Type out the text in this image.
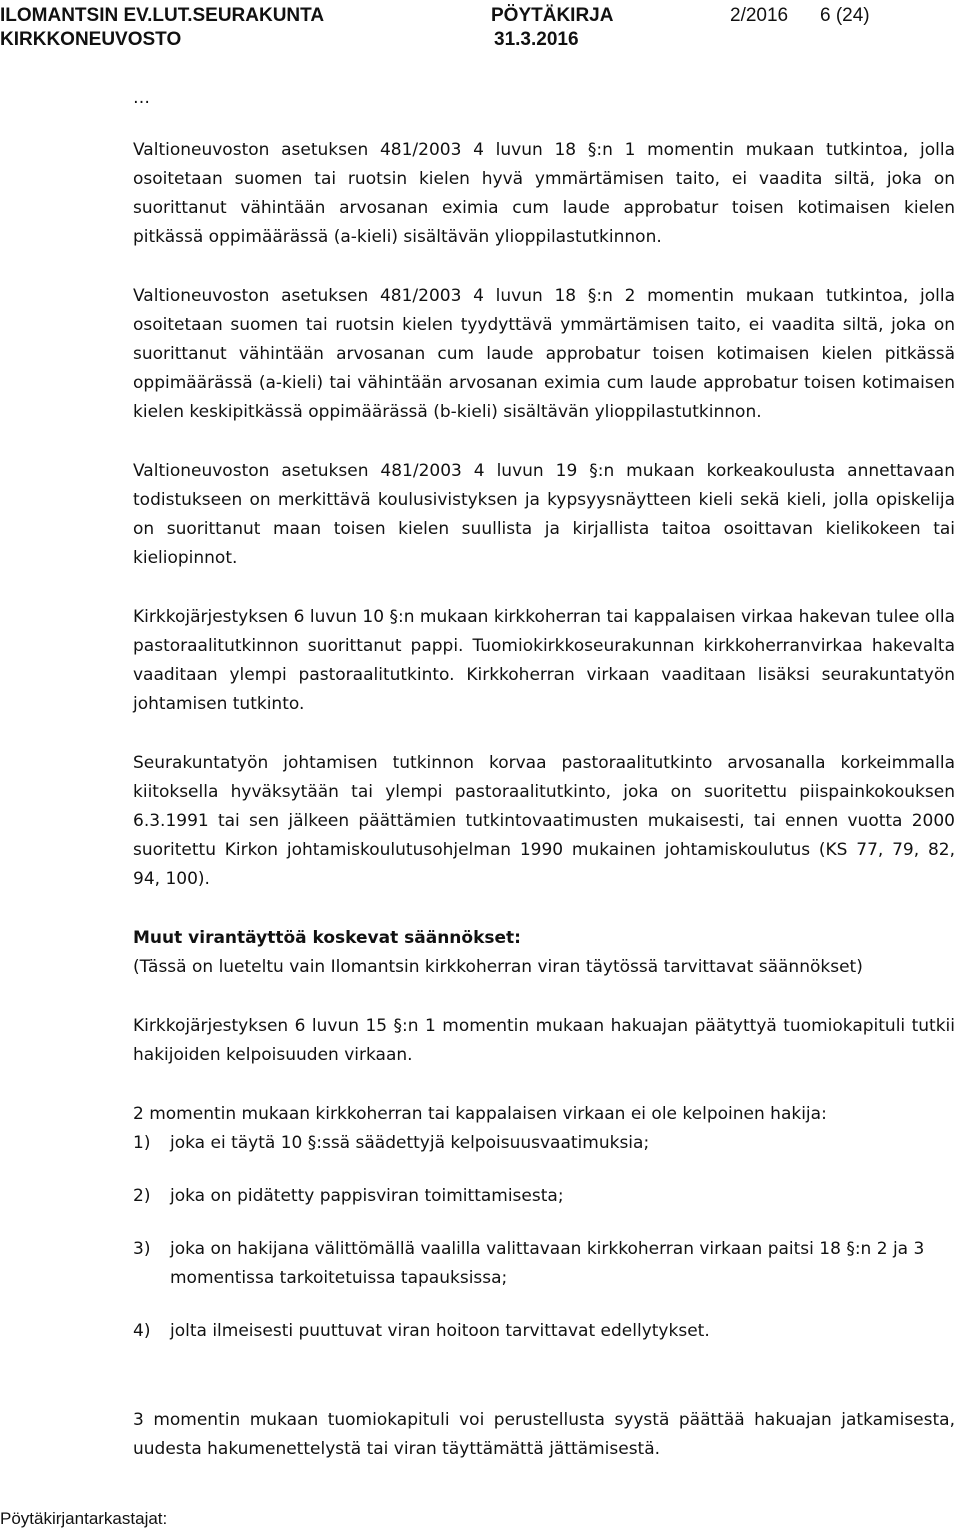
ILOMANTSIN EV.LUT.SEURAKUNTA
KIRKKONEUVOSTO
PÖYTÄKIRJA
31.3.2016
2/2016 6 (24)

…

Valtioneuvoston asetuksen 481/2003 4 luvun 18 §:n 1 momentin mukaan tutkintoa, jolla osoitetaan suomen tai ruotsin kielen hyvä ymmärtämisen taito, ei vaadita siltä, joka on suorittanut vähintään arvosanan eximia cum laude approbatur toisen kotimaisen kielen pitkässä oppimäärässä (a-kieli) sisältävän ylioppilastutkinnon.

Valtioneuvoston asetuksen 481/2003 4 luvun 18 §:n 2 momentin mukaan tutkintoa, jolla osoitetaan suomen tai ruotsin kielen tyydyttävä ymmärtämisen taito, ei vaadita siltä, joka on suorittanut vähintään arvosanan cum laude approbatur toisen kotimaisen kielen pitkässä oppimäärässä (a-kieli) tai vähintään arvosanan eximia cum laude approbatur toisen kotimaisen kielen keskipitkässä oppimäärässä (b-kieli) sisältävän ylioppilastutkinnon.

Valtioneuvoston asetuksen 481/2003 4 luvun 19 §:n mukaan korkeakoulusta annettavaan todistukseen on merkittävä koulusivistyksen ja kypsyysnäytteen kieli sekä kieli, jolla opiskelija on suorittanut maan toisen kielen suullista ja kirjallista taitoa osoittavan kielikokeen tai kieliopinnot.

Kirkkojärjestyksen 6 luvun 10 §:n mukaan kirkkoherran tai kappalaisen virkaa hakevan tulee olla pastoraalitutkinnon suorittanut pappi. Tuomiokirkkoseurakunnan kirkkoherranvirkaa hakevalta vaaditaan ylempi pastoraalitutkinto. Kirkkoherran virkaan vaaditaan lisäksi seurakuntatyön johtamisen tutkinto.

Seurakuntatyön johtamisen tutkinnon korvaa pastoraalitutkinto arvosanalla korkeimmalla kiitoksella hyväksytään tai ylempi pastoraalitutkinto, joka on suoritettu piispainkokouksen 6.3.1991 tai sen jälkeen päättämien tutkintovaatimusten mukaisesti, tai ennen vuotta 2000 suoritettu Kirkon johtamiskoulutusohjelman 1990 mukainen johtamiskoulutus (KS 77, 79, 82, 94, 100).

Muut virantäyttöä koskevat säännökset:

(Tässä on lueteltu vain Ilomantsin kirkkoherran viran täytössä tarvittavat säännökset)

Kirkkojärjestyksen 6 luvun 15 §:n 1 momentin mukaan hakuajan päätyttyä tuomiokapituli tutkii hakijoiden kelpoisuuden virkaan.

2 momentin mukaan kirkkoherran tai kappalaisen virkaan ei ole kelpoinen hakija:

1) joka ei täytä 10 §:ssä säädettyjä kelpoisuusvaatimuksia;
2) joka on pidätetty pappisviran toimittamisesta;
3) joka on hakijana välittömällä vaalilla valittavaan kirkkoherran virkaan paitsi 18 §:n 2 ja 3 momentissa tarkoitetuissa tapauksissa;
4) jolta ilmeisesti puuttuvat viran hoitoon tarvittavat edellytykset.

3 momentin mukaan tuomiokapituli voi perustellusta syystä päättää hakuajan jatkamisesta, uudesta hakumenettelystä tai viran täyttämättä jättämisestä.

Pöytäkirjantarkastajat:
